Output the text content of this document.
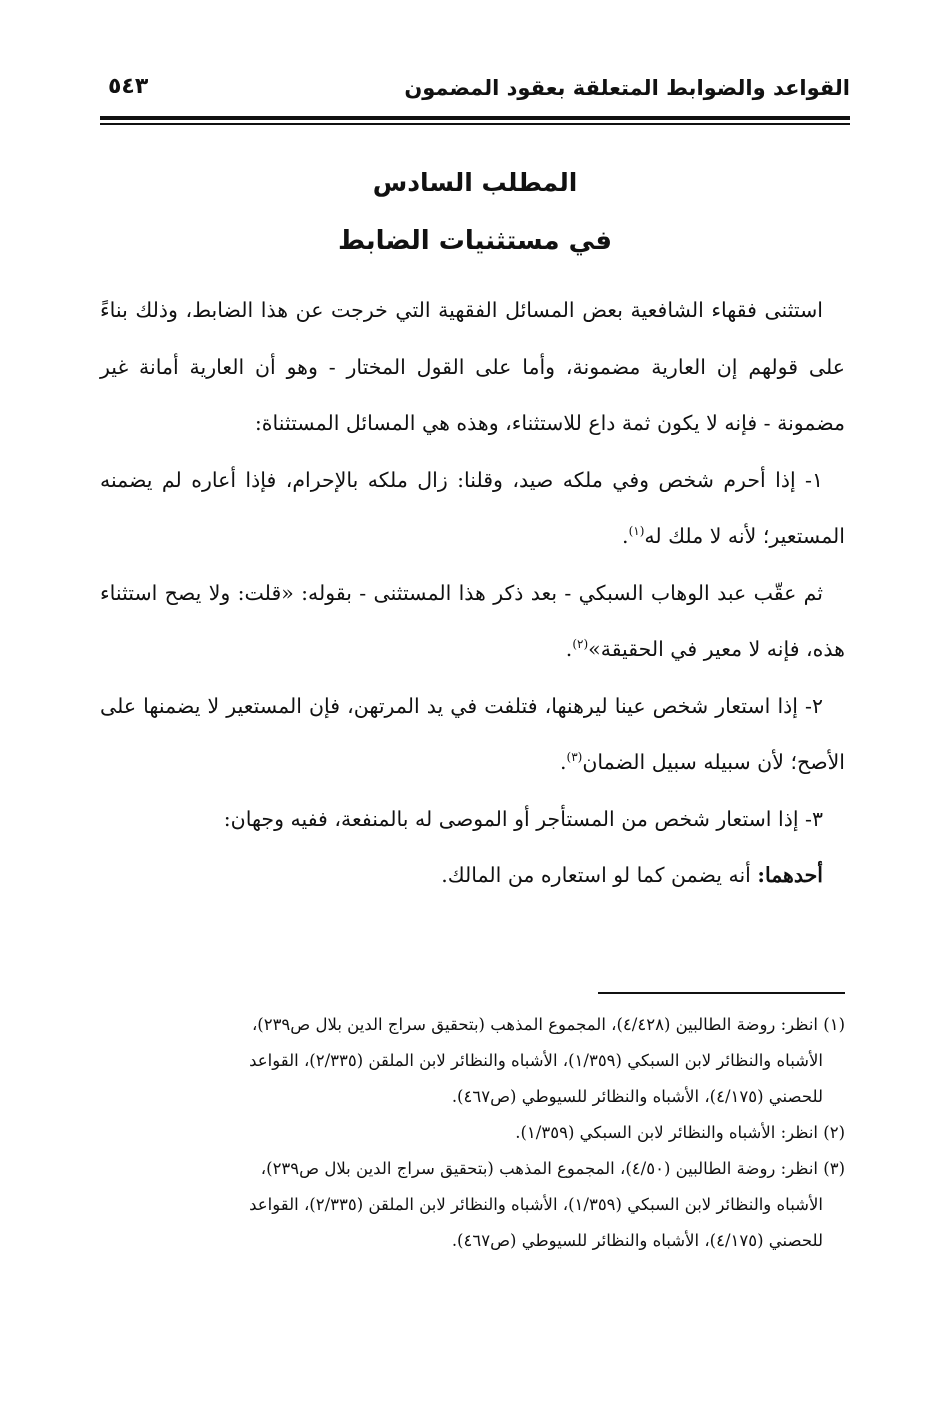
القواعد والضوابط المتعلقة بعقود المضمون
٥٤٣
المطلب السادس
في مستثنيات الضابط

استثنى فقهاء الشافعية بعض المسائل الفقهية التي خرجت عن هذا الضابط، وذلك بناءً على قولهم إن العارية مضمونة، وأما على القول المختار - وهو أن العارية أمانة غير مضمونة - فإنه لا يكون ثمة داع للاستثناء، وهذه هي المسائل المستثناة:

١- إذا أحرم شخص وفي ملكه صيد، وقلنا: زال ملكه بالإحرام، فإذا أعاره لم يضمنه المستعير؛ لأنه لا ملك له$^{(١)}$.

ثم عقّب عبد الوهاب السبكي - بعد ذكر هذا المستثنى - بقوله: «قلت: ولا يصح استثناء هذه، فإنه لا معير في الحقيقة»$^{(٢)}$.

٢- إذا استعار شخص عينا ليرهنها، فتلفت في يد المرتهن، فإن المستعير لا يضمنها على الأصح؛ لأن سبيله سبيل الضمان$^{(٣)}$.

٣- إذا استعار شخص من المستأجر أو الموصى له بالمنفعة، ففيه وجهان:

أحدهما: أنه يضمن كما لو استعاره من المالك.

(١) انظر: روضة الطالبين (٤/٤٢٨)، المجموع المذهب (بتحقيق سراج الدين بلال ص٢٣٩)،

الأشباه والنظائر لابن السبكي (١/٣٥٩)، الأشباه والنظائر لابن الملقن (٢/٣٣٥)، القواعد

للحصني (٤/١٧٥)، الأشباه والنظائر للسيوطي (ص٤٦٧).

(٢) انظر: الأشباه والنظائر لابن السبكي (١/٣٥٩).

(٣) انظر: روضة الطالبين (٤/٥٠)، المجموع المذهب (بتحقيق سراج الدين بلال ص٢٣٩)،

الأشباه والنظائر لابن السبكي (١/٣٥٩)، الأشباه والنظائر لابن الملقن (٢/٣٣٥)، القواعد

للحصني (٤/١٧٥)، الأشباه والنظائر للسيوطي (ص٤٦٧).
